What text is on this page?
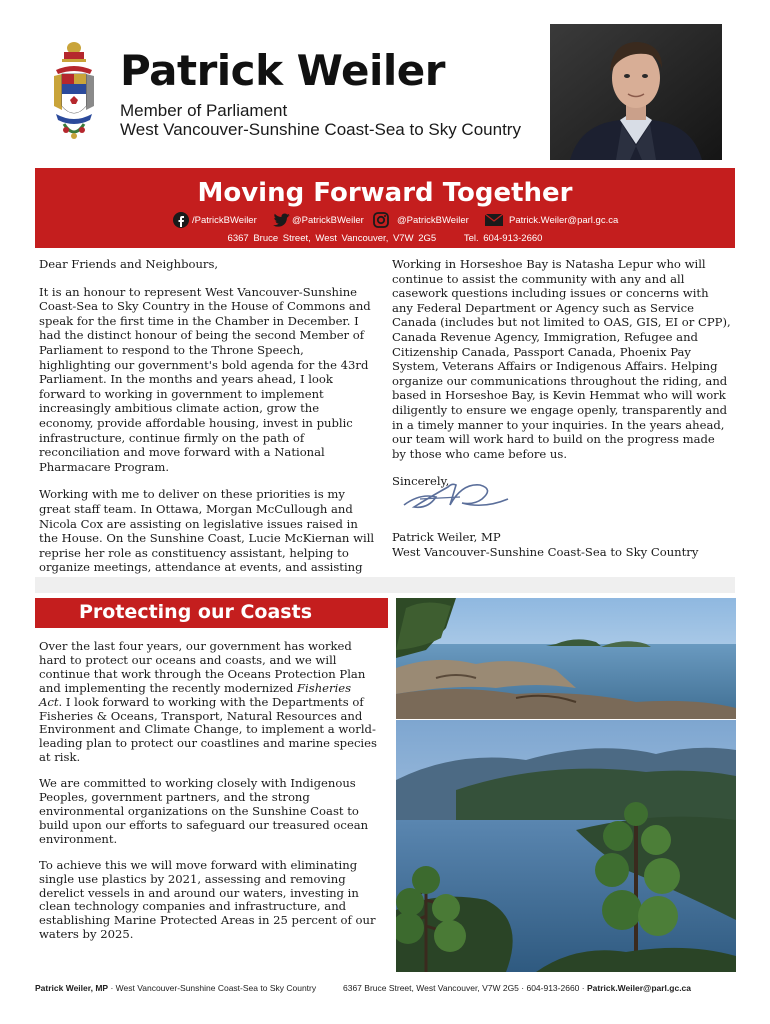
Patrick Weiler
Member of Parliament
West Vancouver-Sunshine Coast-Sea to Sky Country
Moving Forward Together
/PatrickBWeiler	@PatrickBWeiler	@PatrickBWeiler	Patrick.Weiler@parl.gc.ca
6367 Bruce Street, West Vancouver, V7W 2G5	Tel. 604-913-2660

Dear Friends and Neighbours,

It is an honour to represent West Vancouver-Sunshine Coast-Sea to Sky Country in the House of Commons and speak for the first time in the Chamber in December. I had the distinct honour of being the second Member of Parliament to respond to the Throne Speech, highlighting our government's bold agenda for the 43rd Parliament. In the months and years ahead, I look forward to working in government to implement increasingly ambitious climate action, grow the economy, provide affordable housing, invest in public infrastructure, continue firmly on the path of reconciliation and move forward with a National Pharmacare Program.

Working with me to deliver on these priorities is my great staff team. In Ottawa, Morgan McCullough and Nicola Cox are assisting on legislative issues raised in the House. On the Sunshine Coast, Lucie McKiernan will reprise her role as constituency assistant, helping to organize meetings, attendance at events, and assisting

Working in Horseshoe Bay is Natasha Lepur who will continue to assist the community with any and all casework questions including issues or concerns with any Federal Department or Agency such as Service Canada (includes but not limited to OAS, GIS, EI or CPP), Canada Revenue Agency, Immigration, Refugee and Citizenship Canada, Passport Canada, Phoenix Pay System, Veterans Affairs or Indigenous Affairs. Helping organize our communications throughout the riding, and based in Horseshoe Bay, is Kevin Hemmat who will work diligently to ensure we engage openly, transparently and in a timely manner to your inquiries. In the years ahead, our team will work hard to build on the progress made by those who came before us.

Sincerely,

Patrick Weiler, MP
West Vancouver-Sunshine Coast-Sea to Sky Country
Protecting our Coasts

Over the last four years, our government has worked hard to protect our oceans and coasts, and we will continue that work through the Oceans Protection Plan and implementing the recently modernized Fisheries Act. I look forward to working with the Departments of Fisheries & Oceans, Transport, Natural Resources and Environment and Climate Change, to implement a world-leading plan to protect our coastlines and marine species at risk.

We are committed to working closely with Indigenous Peoples, government partners, and the strong environmental organizations on the Sunshine Coast to build upon our efforts to safeguard our treasured ocean environment.

To achieve this we will move forward with eliminating single use plastics by 2021, assessing and removing derelict vessels in and around our waters, investing in clean technology companies and infrastructure, and establishing Marine Protected Areas in 25 percent of our waters by 2025.

Patrick Weiler, MP · West Vancouver-Sunshine Coast-Sea to Sky Country	6367 Bruce Street, West Vancouver, V7W 2G5 · 604-913-2660 · Patrick.Weiler@parl.gc.ca
